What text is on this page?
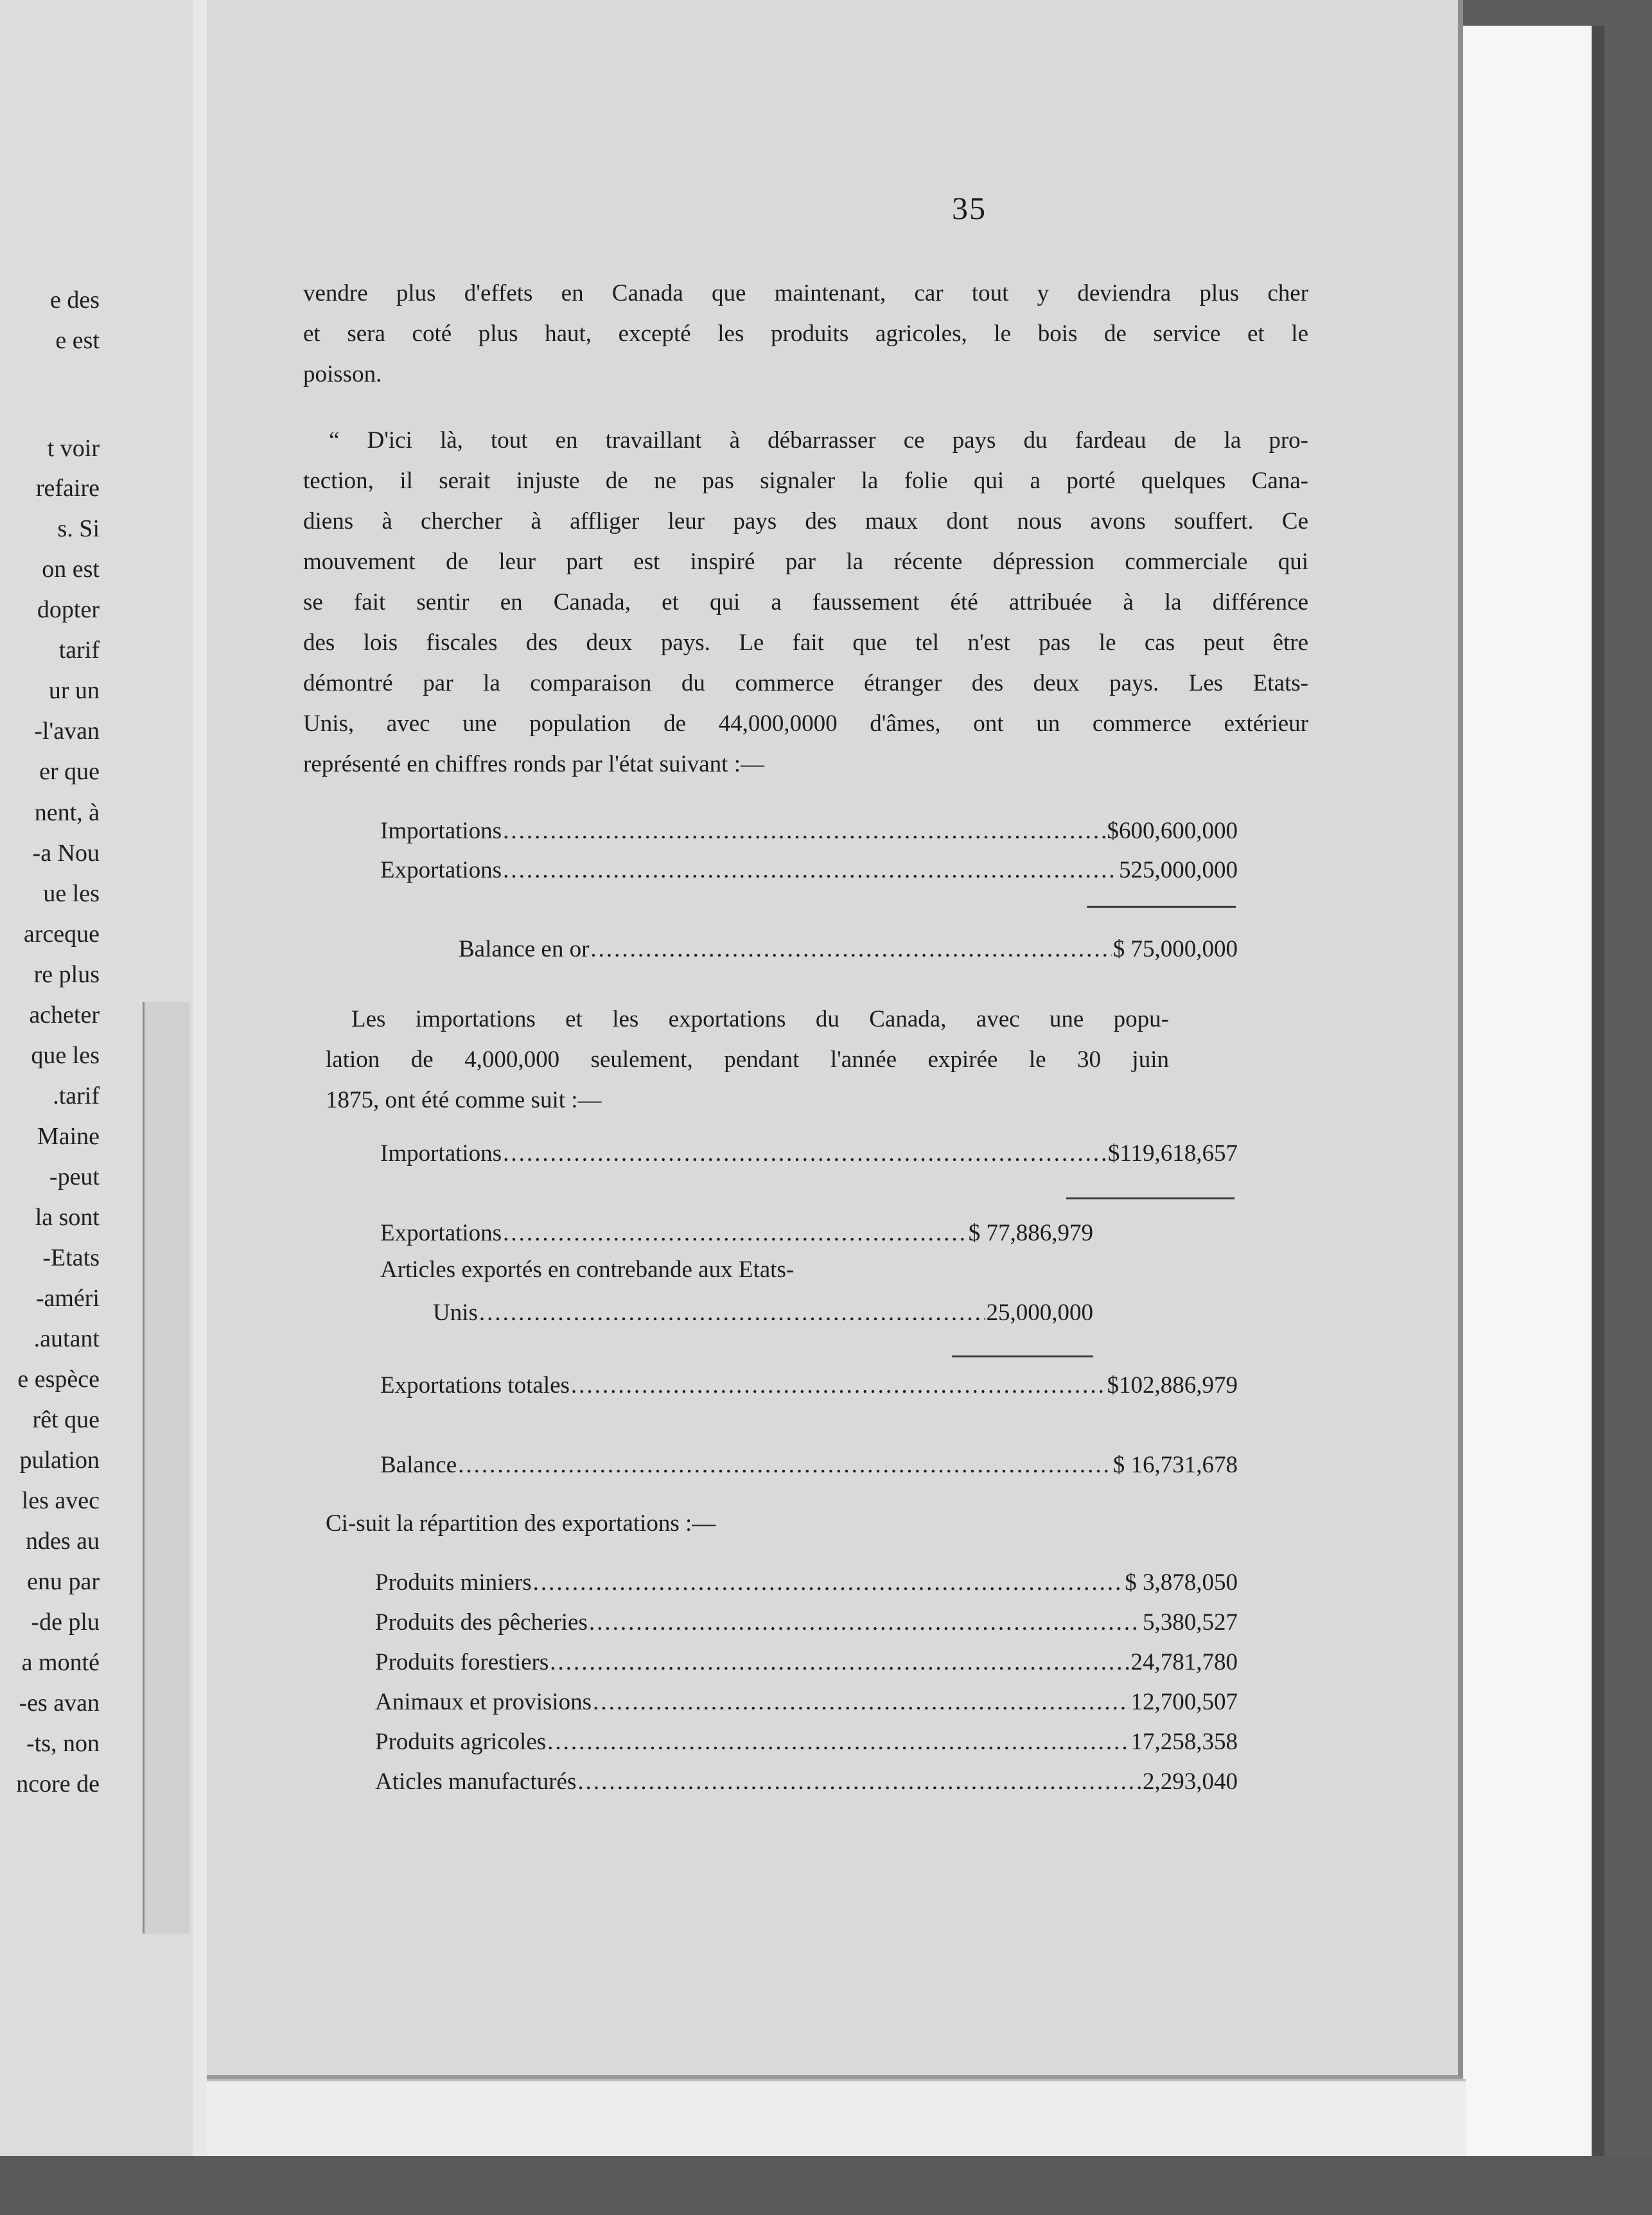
e des
e est
t voir
refaire
s. Si
on est
dopter
tarif
ur un
l'avan-
er que
nent, à
a Nou-
ue les
arceque
re plus
acheter
que les
tarif.
Maine
peut-
la sont
Etats-
améri-
autant.
e espèce
rêt que
pulation
les avec
ndes au
enu par
de plu-
a monté
es avan-
ts, non-
ncore de
35
vendre plus d'effets en Canada que maintenant, car tout y deviendra plus cher
et sera coté plus haut, excepté les produits agricoles, le bois de service et le
poisson.
“ D'ici là, tout en travaillant à débarrasser ce pays du fardeau de la pro-
tection, il serait injuste de ne pas signaler la folie qui a porté quelques Cana-
diens à chercher à affliger leur pays des maux dont nous avons souffert. Ce
mouvement de leur part est inspiré par la récente dépression commerciale qui
se fait sentir en Canada, et qui a faussement été attribuée à la différence
des lois fiscales des deux pays. Le fait que tel n'est pas le cas peut être
démontré par la comparaison du commerce étranger des deux pays. Les Etats-
Unis, avec une population de 44,000,0000 d'âmes, ont un commerce extérieur
représenté en chiffres ronds par l'état suivant :—
Importations .....	$600,600,000
Exportations .....	525,000,000
Balance en or .....	$ 75,000,000
Les importations et les exportations du Canada, avec une popu-
lation de 4,000,000 seulement, pendant l'année expirée le 30 juin
1875, ont été comme suit :—
Importations .....	$119,618,657
Exportations .....	$ 77,886,979
Articles exportés en contrebande aux Etats-
Unis .....	25,000,000
Exportations totales .....	$102,886,979
Balance .....	$ 16,731,678
Ci-suit la répartition des exportations :—
Produits miniers .....	$ 3,878,050
Produits des pêcheries .....	5,380,527
Produits forestiers .....	24,781,780
Animaux et provisions .....	12,700,507
Produits agricoles .....	17,258,358
Aticles manufacturés .....	2,293,040
